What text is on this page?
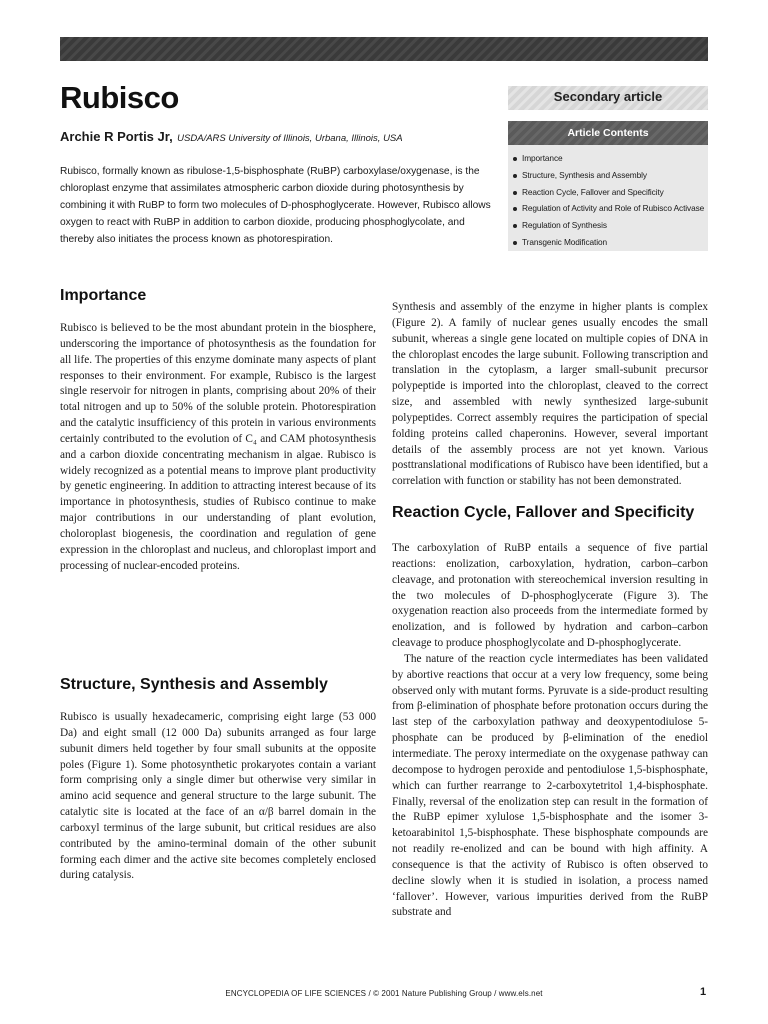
Rubisco
Archie R Portis Jr, USDA/ARS University of Illinois, Urbana, Illinois, USA

Rubisco, formally known as ribulose-1,5-bisphosphate (RuBP) carboxylase/oxygenase, is the chloroplast enzyme that assimilates atmospheric carbon dioxide during photosynthesis by combining it with RuBP to form two molecules of D-phosphoglycerate. However, Rubisco allows oxygen to react with RuBP in addition to carbon dioxide, producing phosphoglycolate, and thereby also initiates the process known as photorespiration.

Secondary article
Article Contents
Importance
Structure, Synthesis and Assembly
Reaction Cycle, Fallover and Specificity
Regulation of Activity and Role of Rubisco Activase
Regulation of Synthesis
Transgenic Modification
Importance

Rubisco is believed to be the most abundant protein in the biosphere, underscoring the importance of photosynthesis as the foundation for all life. The properties of this enzyme dominate many aspects of plant responses to their environment. For example, Rubisco is the largest single reservoir for nitrogen in plants, comprising about 20% of their total nitrogen and up to 50% of the soluble protein. Photorespiration and the catalytic insufficiency of this protein in various environments certainly contributed to the evolution of C₄ and CAM photosynthesis and a carbon dioxide concentrating mechanism in algae. Rubisco is widely recognized as a potential means to improve plant productivity by genetic engineering. In addition to attracting interest because of its importance in photosynthesis, studies of Rubisco continue to make major contributions in our understanding of plant evolution, choloroplast biogenesis, the coordination and regulation of gene expression in the chloroplast and nucleus, and chloroplast import and processing of nuclear-encoded proteins.

Structure, Synthesis and Assembly

Rubisco is usually hexadecameric, comprising eight large (53 000 Da) and eight small (12 000 Da) subunits arranged as four large subunit dimers held together by four small subunits at the opposite poles (Figure 1). Some photosynthetic prokaryotes contain a variant form comprising only a single dimer but otherwise very similar in amino acid sequence and general structure to the large subunit. The catalytic site is located at the face of an α/β barrel domain in the carboxyl terminus of the large subunit, but critical residues are also contributed by the amino-terminal domain of the other subunit forming each dimer and the active site becomes completely enclosed during catalysis.

Synthesis and assembly of the enzyme in higher plants is complex (Figure 2). A family of nuclear genes usually encodes the small subunit, whereas a single gene located on multiple copies of DNA in the chloroplast encodes the large subunit. Following transcription and translation in the cytoplasm, a larger small-subunit precursor polypeptide is imported into the chloroplast, cleaved to the correct size, and assembled with newly synthesized large-subunit polypeptides. Correct assembly requires the participation of special folding proteins called chaperonins. However, several important details of the assembly process are not yet known. Various posttranslational modifications of Rubisco have been identified, but a correlation with function or stability has not been demonstrated.

Reaction Cycle, Fallover and Specificity

The carboxylation of RuBP entails a sequence of five partial reactions: enolization, carboxylation, hydration, carbon–carbon cleavage, and protonation with stereochemical inversion resulting in the two molecules of D-phosphoglycerate (Figure 3). The oxygenation reaction also proceeds from the intermediate formed by enolization, and is followed by hydration and carbon–carbon cleavage to produce phosphoglycolate and D-phosphoglycerate.

The nature of the reaction cycle intermediates has been validated by abortive reactions that occur at a very low frequency, some being observed only with mutant forms. Pyruvate is a side-product resulting from β-elimination of phosphate before protonation occurs during the last step of the carboxylation pathway and deoxypentodiulose 5-phosphate can be produced by β-elimination of the enediol intermediate. The peroxy intermediate on the oxygenase pathway can decompose to hydrogen peroxide and pentodiulose 1,5-bisphosphate, which can further rearrange to 2-carboxytetritol 1,4-bisphosphate. Finally, reversal of the enolization step can result in the formation of the RuBP epimer xylulose 1,5-bisphosphate and the isomer 3-ketoarabinitol 1,5-bisphosphate. These bisphosphate compounds are not readily re-enolized and can be bound with high affinity. A consequence is that the activity of Rubisco is often observed to decline slowly when it is studied in isolation, a process named ‘fallover’. However, various impurities derived from the RuBP substrate and

ENCYCLOPEDIA OF LIFE SCIENCES / © 2001 Nature Publishing Group / www.els.net	1
